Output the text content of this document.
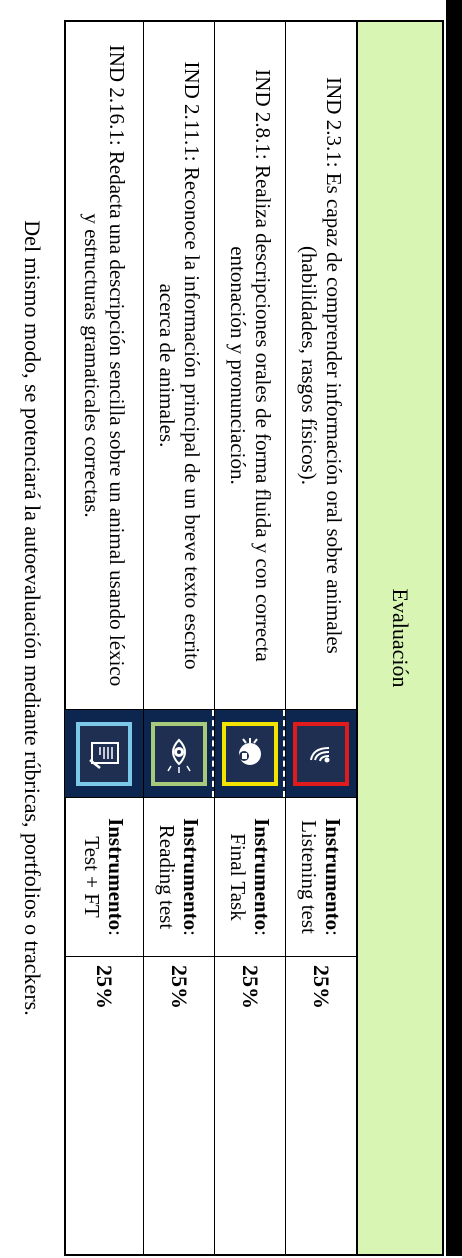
Evaluación
IND 2.3.1: Es capaz de comprender información oral sobre animales (habilidades, rasgos físicos).
Instrumento:
Listening test
25%
IND 2.8.1: Realiza descripciones orales de forma fluida y con correcta entonación y pronunciación.
Instrumento:
Final Task
25%
IND 2.11.1: Reconoce la información principal de un breve texto escrito acerca de animales.
Instrumento:
Reading test
25%
IND 2.16.1: Redacta una descripción sencilla sobre un animal usando léxico y estructuras gramaticales correctas.
Instrumento:
Test + FT
25%
Del mismo modo, se potenciará la autoevaluación mediante rúbricas, portfolios o trackers.
